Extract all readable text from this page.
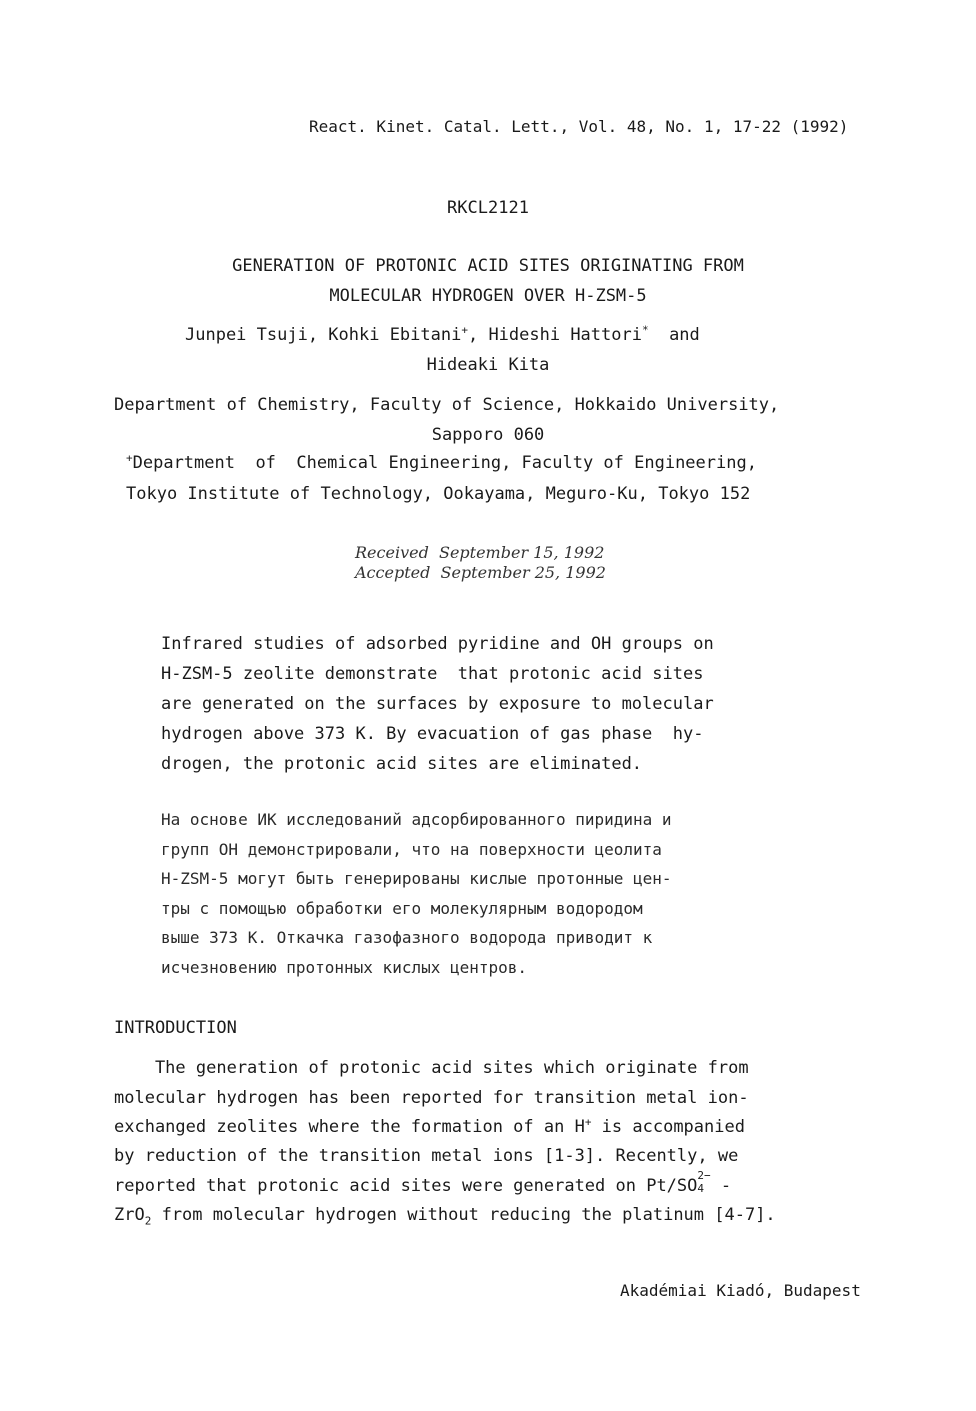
React. Kinet. Catal. Lett., Vol. 48, No. 1, 17-22 (1992)
RKCL2121
GENERATION OF PROTONIC ACID SITES ORIGINATING FROM
MOLECULAR HYDROGEN OVER H-ZSM-5
Junpei Tsuji, Kohki Ebitani+, Hideshi Hattori*  and
Hideaki Kita
Department of Chemistry, Faculty of Science, Hokkaido University,
Sapporo 060
+Department  of  Chemical Engineering, Faculty of Engineering,
Tokyo Institute of Technology, Ookayama, Meguro-Ku, Tokyo 152
Received  September 15, 1992
Accepted  September 25, 1992
Infrared studies of adsorbed pyridine and OH groups on
H-ZSM-5 zeolite demonstrate  that protonic acid sites
are generated on the surfaces by exposure to molecular
hydrogen above 373 K. By evacuation of gas phase  hy-
drogen, the protonic acid sites are eliminated.
На основе ИК исследований адсорбированного пиридина и
групп ОН демонстрировали, что на поверхности цеолита
H-ZSM-5 могут быть генерированы кислые протонные цен-
тры с помощью обработки его молекулярным водородом
выше 373 К. Откачка газофазного водорода приводит к
исчезновению протонных кислых центров.
INTRODUCTION
The generation of protonic acid sites which originate from
molecular hydrogen has been reported for transition metal ion-
exchanged zeolites where the formation of an H+ is accompanied
by reduction of the transition metal ions [1-3]. Recently, we
reported that protonic acid sites were generated on Pt/SO
2−
4 -
ZrO$_2$ from molecular hydrogen without reducing the platinum [4-7].
Akadémiai Kiadó, Budapest
